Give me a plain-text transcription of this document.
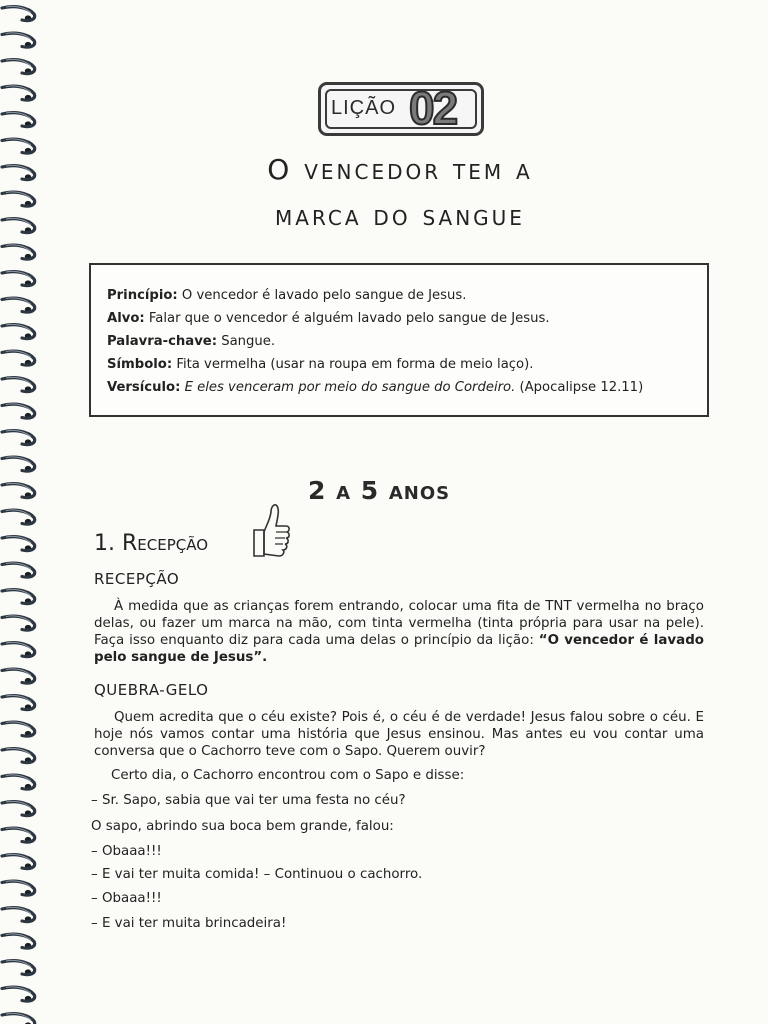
LIÇÃO 02
O vencedor tem a
marca do sangue
Princípio: O vencedor é lavado pelo sangue de Jesus.
Alvo: Falar que o vencedor é alguém lavado pelo sangue de Jesus.
Palavra-chave: Sangue.
Símbolo: Fita vermelha (usar na roupa em forma de meio laço).
Versículo: E eles venceram por meio do sangue do Cordeiro. (Apocalipse 12.11)
2 a 5 anos
1. Recepção
RECEPÇÃO
À medida que as crianças forem entrando, colocar uma fita de TNT vermelha no braço delas, ou fazer um marca na mão, com tinta vermelha (tinta própria para usar na pele). Faça isso enquanto diz para cada uma delas o princípio da lição: “O vencedor é lavado pelo sangue de Jesus”.
QUEBRA-GELO
Quem acredita que o céu existe? Pois é, o céu é de verdade! Jesus falou sobre o céu. E hoje nós vamos contar uma história que Jesus ensinou. Mas antes eu vou contar uma conversa que o Cachorro teve com o Sapo. Querem ouvir?
Certo dia, o Cachorro encontrou com o Sapo e disse:
– Sr. Sapo, sabia que vai ter uma festa no céu?
O sapo, abrindo sua boca bem grande, falou:
– Obaaa!!!
– E vai ter muita comida! – Continuou o cachorro.
– Obaaa!!!
– E vai ter muita brincadeira!
